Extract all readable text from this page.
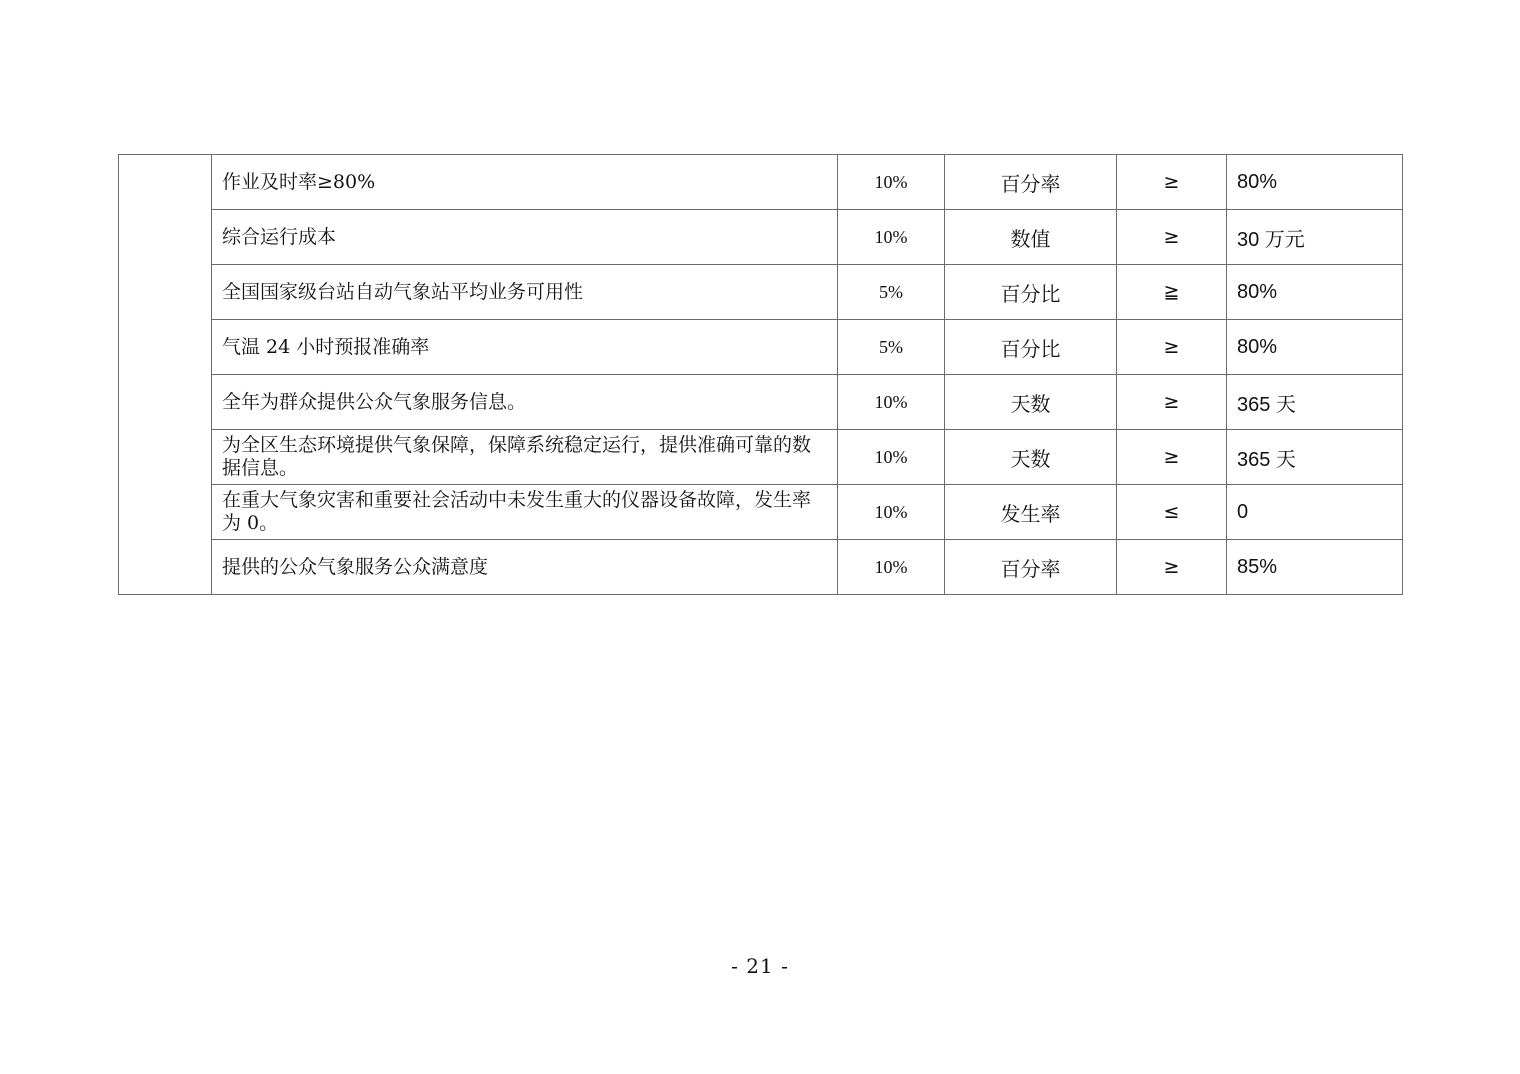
	作业及时率≥80%	10%	百分率	≥	80%
	综合运行成本	10%	数值	≥	30 万元
	全国国家级台站自动气象站平均业务可用性	5%	百分比	≧	80%
	气温 24 小时预报准确率	5%	百分比	≥	80%
	全年为群众提供公众气象服务信息。	10%	天数	≥	365 天
	为全区生态环境提供气象保障，保障系统稳定运行，提供准确可靠的数据信息。	10%	天数	≥	365 天
	在重大气象灾害和重要社会活动中未发生重大的仪器设备故障，发生率为 0。	10%	发生率	≤	0
	提供的公众气象服务公众满意度	10%	百分率	≥	85%
- 21 -
